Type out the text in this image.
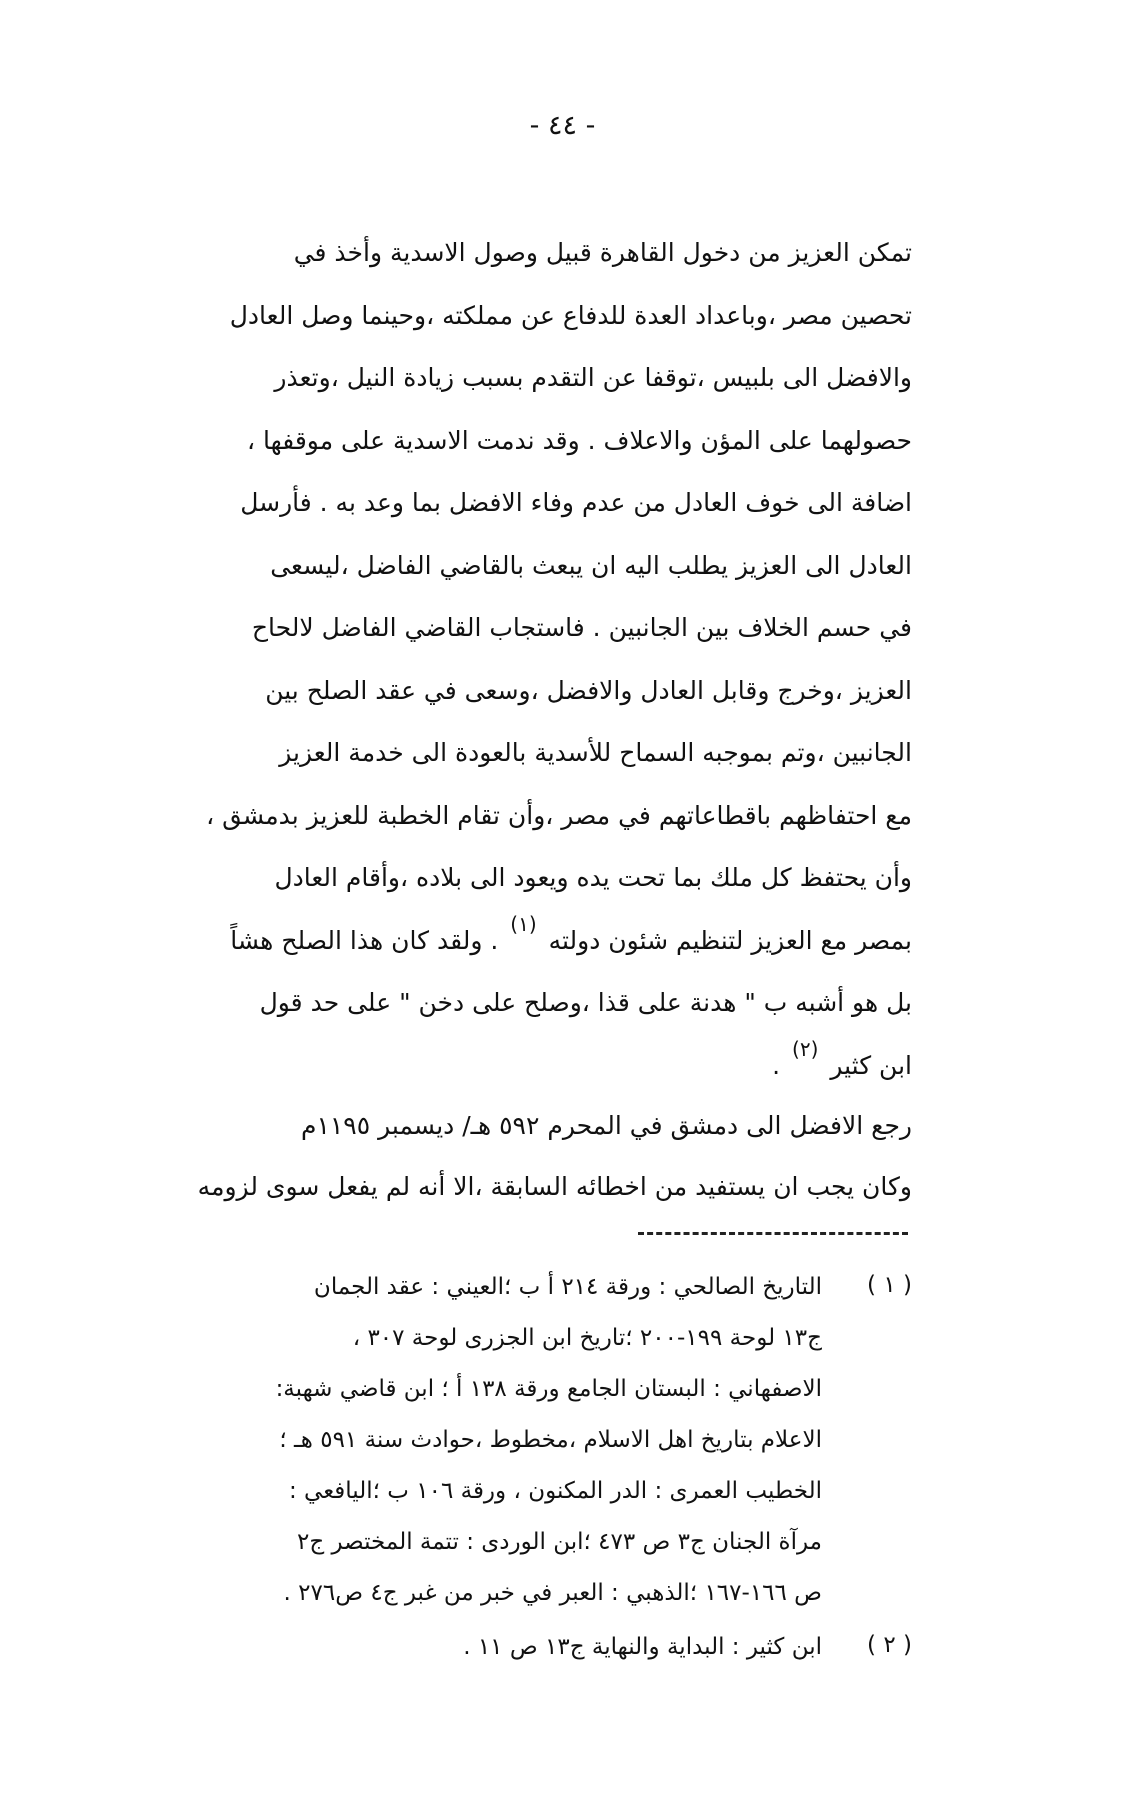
- ٤٤ -

تمكن العزيز من دخول القاهرة قبيل وصول الاسدية وأخذ في

تحصين مصر ،وباعداد العدة للدفاع عن مملكته ،وحينما وصل العادل

والافضل الى بلبيس ،توقفا عن التقدم بسبب زيادة النيل ،وتعذر

حصولهما على المؤن والاعلاف . وقد ندمت الاسدية على موقفها ،

اضافة الى خوف العادل من عدم وفاء الافضل بما وعد به . فأرسل

العادل الى العزيز يطلب اليه ان يبعث بالقاضي الفاضل ،ليسعى

في حسم الخلاف بين الجانبين . فاستجاب القاضي الفاضل لالحاح

العزيز ،وخرج وقابل العادل والافضل ،وسعى في عقد الصلح بين

الجانبين ،وتم بموجبه السماح للأسدية بالعودة الى خدمة العزيز

مع احتفاظهم باقطاعاتهم في مصر ،وأن تقام الخطبة للعزيز بدمشق ،

وأن يحتفظ كل ملك بما تحت يده ويعود الى بلاده ،وأقام العادل

بمصر مع العزيز لتنظيم شئون دولته $^{(١)}$ . ولقد كان هذا الصلح هشاً

بل هو أشبه ب " هدنة على قذا ،وصلح على دخن " على حد قول

ابن كثير $^{(٢)}$ .

رجع الافضل الى دمشق في المحرم ٥٩٢ هـ/ ديسمبر ١١٩٥م

وكان يجب ان يستفيد من اخطائه السابقة ،الا أنه لم يفعل سوى لزومه

( ١ )
التاريخ الصالحي : ورقة ٢١٤ أ ب ؛العيني : عقد الجمان
ج١٣ لوحة ١٩٩-٢٠٠ ؛تاريخ ابن الجزرى لوحة ٣٠٧ ،
الاصفهاني : البستان الجامع ورقة ١٣٨ أ ؛ ابن قاضي شهبة:
الاعلام بتاريخ اهل الاسلام ،مخطوط ،حوادث سنة ٥٩١ هـ ؛
الخطيب العمرى : الدر المكنون ، ورقة ١٠٦ ب ؛اليافعي :
مرآة الجنان ج٣ ص ٤٧٣ ؛ابن الوردى : تتمة المختصر ج٢
ص ١٦٦-١٦٧ ؛الذهبي : العبر في خبر من غبر ج٤ ص٢٧٦ .
( ٢ )
ابن كثير : البداية والنهاية ج١٣ ص ١١ .
